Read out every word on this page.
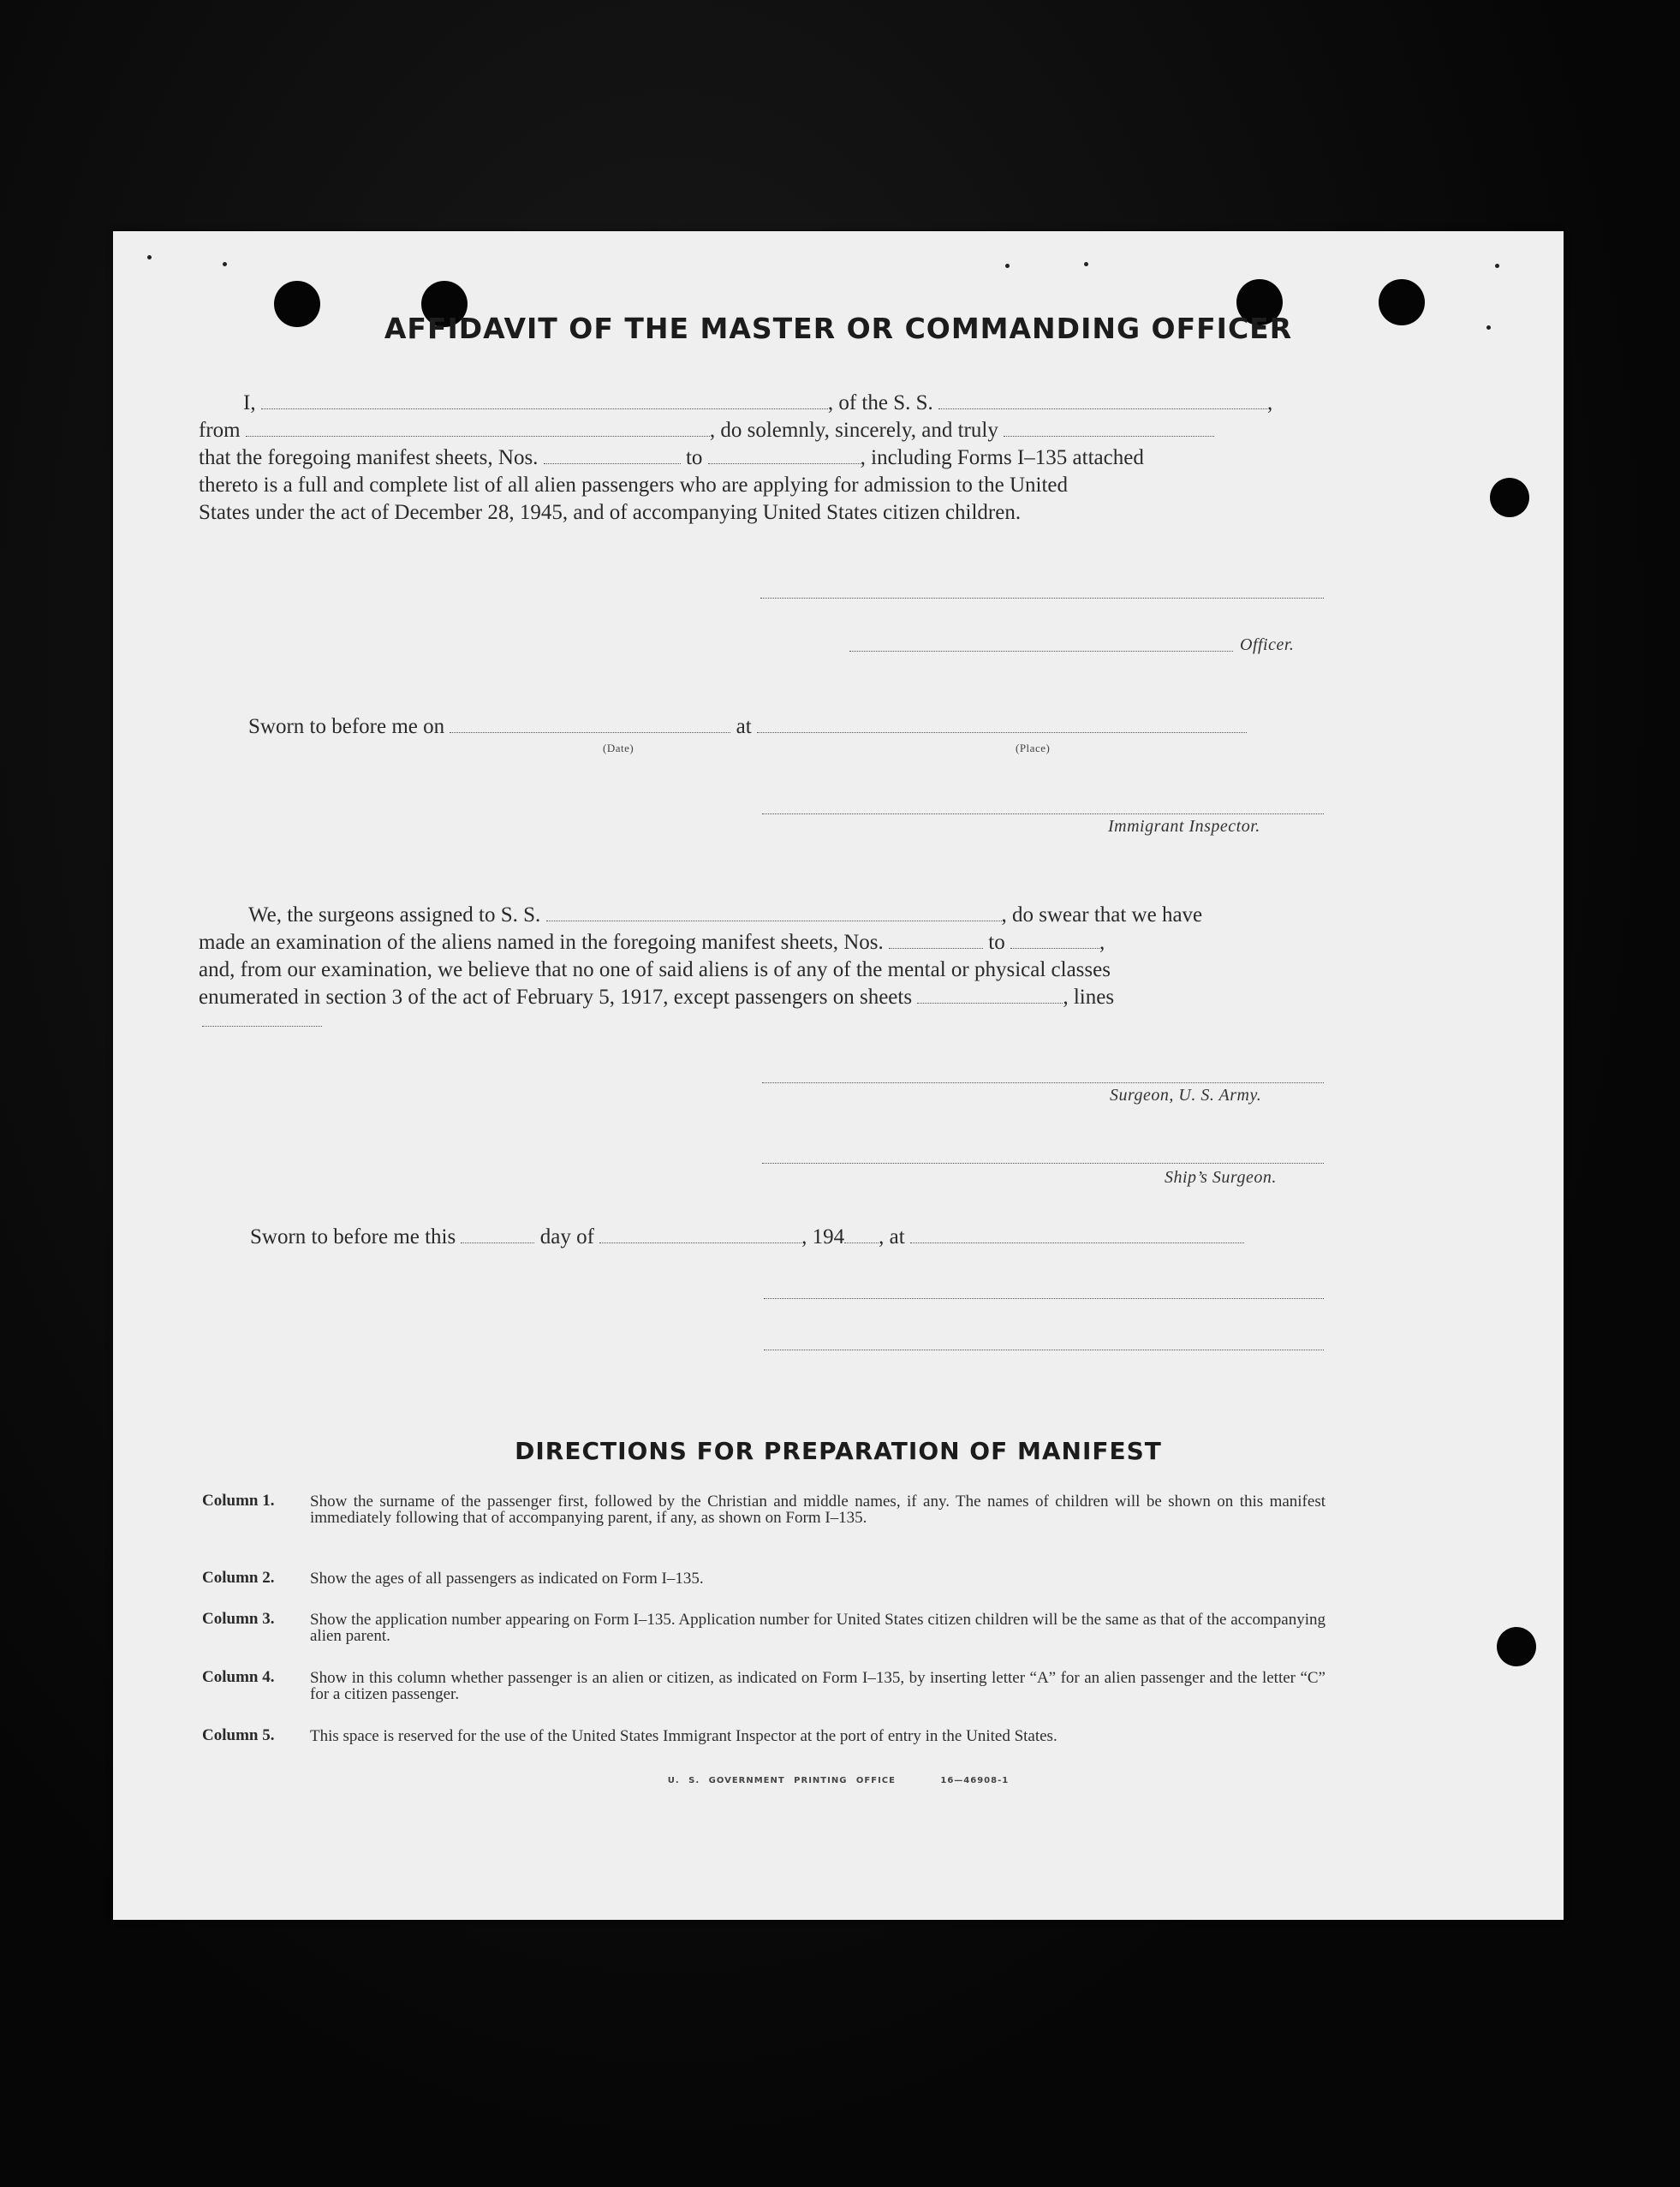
AFFIDAVIT OF THE MASTER OR COMMANDING OFFICER
I,	, of the S. S.	,
from	, do solemnly, sincerely, and truly
that the foregoing manifest sheets, Nos.	to	, including Forms I–135 attached
thereto is a full and complete list of all alien passengers who are applying for admission to the United
States under the act of December 28, 1945, and of accompanying United States citizen children.
Officer.
Sworn to before me on	at
(Date)	(Place)
Immigrant Inspector.
We, the surgeons assigned to S. S.	, do swear that we have
made an examination of the aliens named in the foregoing manifest sheets, Nos.	to	,
and, from our examination, we believe that no one of said aliens is of any of the mental or physical classes
enumerated in section 3 of the act of February 5, 1917, except passengers on sheets	, lines
Surgeon, U. S. Army.
Ship’s Surgeon.
Sworn to before me this	day of	, 194 , at
DIRECTIONS FOR PREPARATION OF MANIFEST
Column 1. Show the surname of the passenger first, followed by the Christian and middle names, if any. The names of children will be shown on this manifest immediately following that of accompanying parent, if any, as shown on Form I–135.
Column 2. Show the ages of all passengers as indicated on Form I–135.
Column 3. Show the application number appearing on Form I–135. Application number for United States citizen children will be the same as that of the accompanying alien parent.
Column 4. Show in this column whether passenger is an alien or citizen, as indicated on Form I–135, by inserting letter “A” for an alien passenger and the letter “C” for a citizen passenger.
Column 5. This space is reserved for the use of the United States Immigrant Inspector at the port of entry in the United States.
U. S. GOVERNMENT PRINTING OFFICE	16—46908-1
